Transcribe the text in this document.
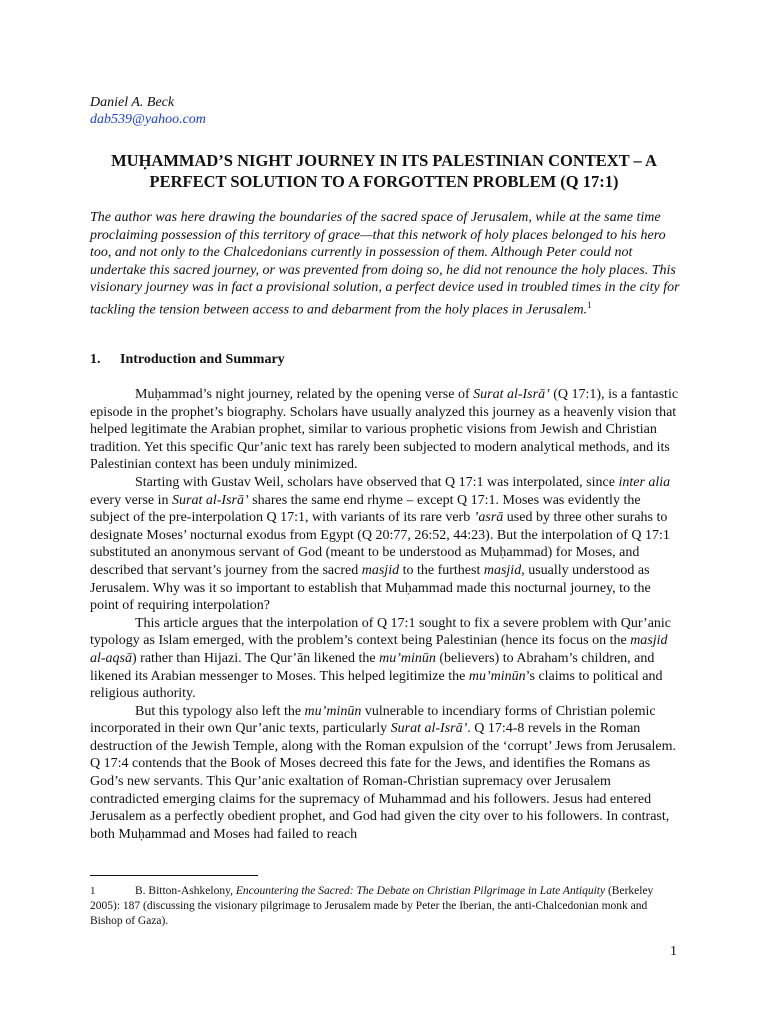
Daniel A. Beck
dab539@yahoo.com
MUḤAMMAD’S NIGHT JOURNEY IN ITS PALESTINIAN CONTEXT – A PERFECT SOLUTION TO A FORGOTTEN PROBLEM (Q 17:1)
The author was here drawing the boundaries of the sacred space of Jerusalem, while at the same time proclaiming possession of this territory of grace—that this network of holy places belonged to his hero too, and not only to the Chalcedonians currently in possession of them. Although Peter could not undertake this sacred journey, or was prevented from doing so, he did not renounce the holy places. This visionary journey was in fact a provisional solution, a perfect device used in troubled times in the city for tackling the tension between access to and debarment from the holy places in Jerusalem.$^1$
1. Introduction and Summary

Muḥammad’s night journey, related by the opening verse of Surat al-Isrā’ (Q 17:1), is a fantastic episode in the prophet’s biography. Scholars have usually analyzed this journey as a heavenly vision that helped legitimate the Arabian prophet, similar to various prophetic visions from Jewish and Christian tradition. Yet this specific Qur’anic text has rarely been subjected to modern analytical methods, and its Palestinian context has been unduly minimized.

Starting with Gustav Weil, scholars have observed that Q 17:1 was interpolated, since inter alia every verse in Surat al-Isrā’ shares the same end rhyme – except Q 17:1. Moses was evidently the subject of the pre-interpolation Q 17:1, with variants of its rare verb ’asrā used by three other surahs to designate Moses’ nocturnal exodus from Egypt (Q 20:77, 26:52, 44:23). But the interpolation of Q 17:1 substituted an anonymous servant of God (meant to be understood as Muḥammad) for Moses, and described that servant’s journey from the sacred masjid to the furthest masjid, usually understood as Jerusalem. Why was it so important to establish that Muḥammad made this nocturnal journey, to the point of requiring interpolation?

This article argues that the interpolation of Q 17:1 sought to fix a severe problem with Qur’anic typology as Islam emerged, with the problem’s context being Palestinian (hence its focus on the masjid al-aqsā) rather than Hijazi. The Qur’ān likened the mu’minūn (believers) to Abraham’s children, and likened its Arabian messenger to Moses. This helped legitimize the mu’minūn’s claims to political and religious authority.

But this typology also left the mu’minūn vulnerable to incendiary forms of Christian polemic incorporated in their own Qur’anic texts, particularly Surat al-Isrā’. Q 17:4-8 revels in the Roman destruction of the Jewish Temple, along with the Roman expulsion of the ‘corrupt’ Jews from Jerusalem. Q 17:4 contends that the Book of Moses decreed this fate for the Jews, and identifies the Romans as God’s new servants. This Qur’anic exaltation of Roman-Christian supremacy over Jerusalem contradicted emerging claims for the supremacy of Muhammad and his followers. Jesus had entered Jerusalem as a perfectly obedient prophet, and God had given the city over to his followers. In contrast, both Muḥammad and Moses had failed to reach

1	B. Bitton-Ashkelony, Encountering the Sacred: The Debate on Christian Pilgrimage in Late Antiquity (Berkeley 2005): 187 (discussing the visionary pilgrimage to Jerusalem made by Peter the Iberian, the anti-Chalcedonian monk and Bishop of Gaza).
1
